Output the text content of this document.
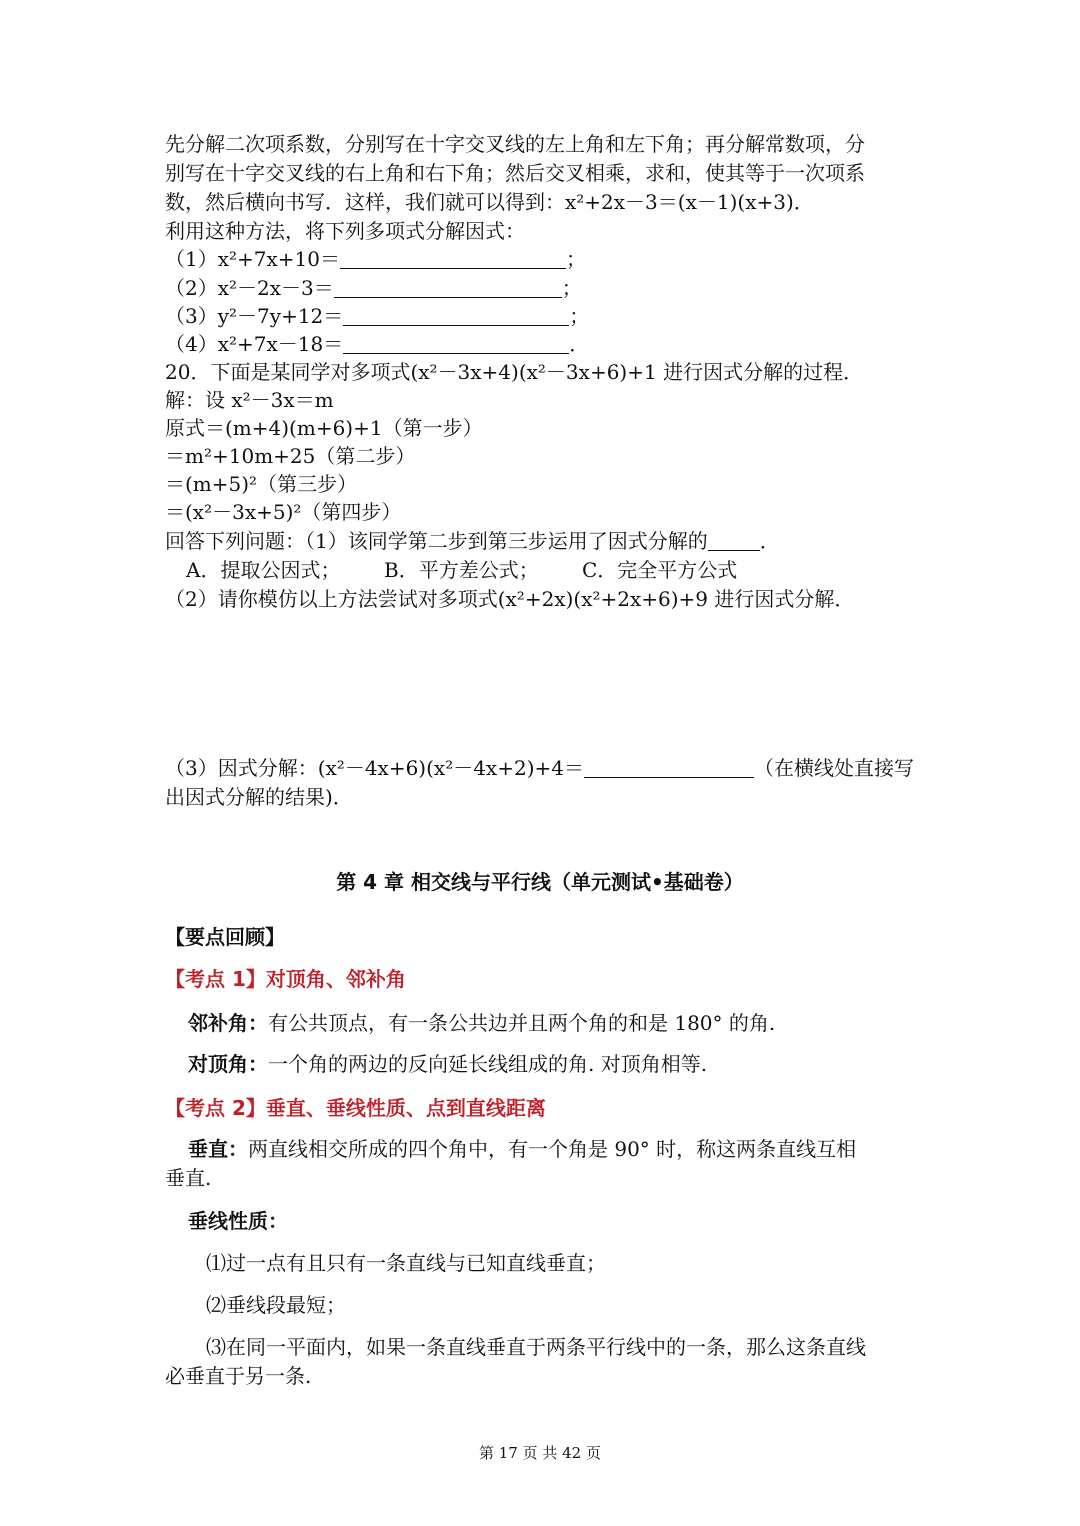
先分解二次项系数，分别写在十字交叉线的左上角和左下角；再分解常数项，分
别写在十字交叉线的右上角和右下角；然后交叉相乘，求和，使其等于一次项系
数，然后横向书写．这样，我们就可以得到：x²+2x－3＝(x－1)(x+3)．
利用这种方法，将下列多项式分解因式：
（1）x²+7x+10＝	；
（2）x²－2x－3＝	；
（3）y²－7y+12＝	；
（4）x²+7x－18＝	．
20．下面是某同学对多项式(x²－3x+4)(x²－3x+6)+1 进行因式分解的过程．
解：设 x²－3x＝m
原式＝(m+4)(m+6)+1（第一步）
＝m²+10m+25（第二步）
＝(m+5)²（第三步）
＝(x²－3x+5)²（第四步）
回答下列问题：（1）该同学第二步到第三步运用了因式分解的	．
A．提取公因式； B．平方差公式； C．完全平方公式
（2）请你模仿以上方法尝试对多项式(x²+2x)(x²+2x+6)+9 进行因式分解．
（3）因式分解：(x²－4x+6)(x²－4x+2)+4＝	（在横线处直接写
出因式分解的结果)．
第 4 章 相交线与平行线（单元测试•基础卷）
【要点回顾】
【考点 1】对顶角、邻补角
邻补角：有公共顶点，有一条公共边并且两个角的和是 180° 的角.
对顶角：一个角的两边的反向延长线组成的角. 对顶角相等.
【考点 2】垂直、垂线性质、点到直线距离
垂直：两直线相交所成的四个角中，有一个角是 90° 时，称这两条直线互相
垂直.
垂线性质：
⑴过一点有且只有一条直线与已知直线垂直；
⑵垂线段最短；
⑶在同一平面内，如果一条直线垂直于两条平行线中的一条，那么这条直线
必垂直于另一条.
第 17 页 共 42 页
